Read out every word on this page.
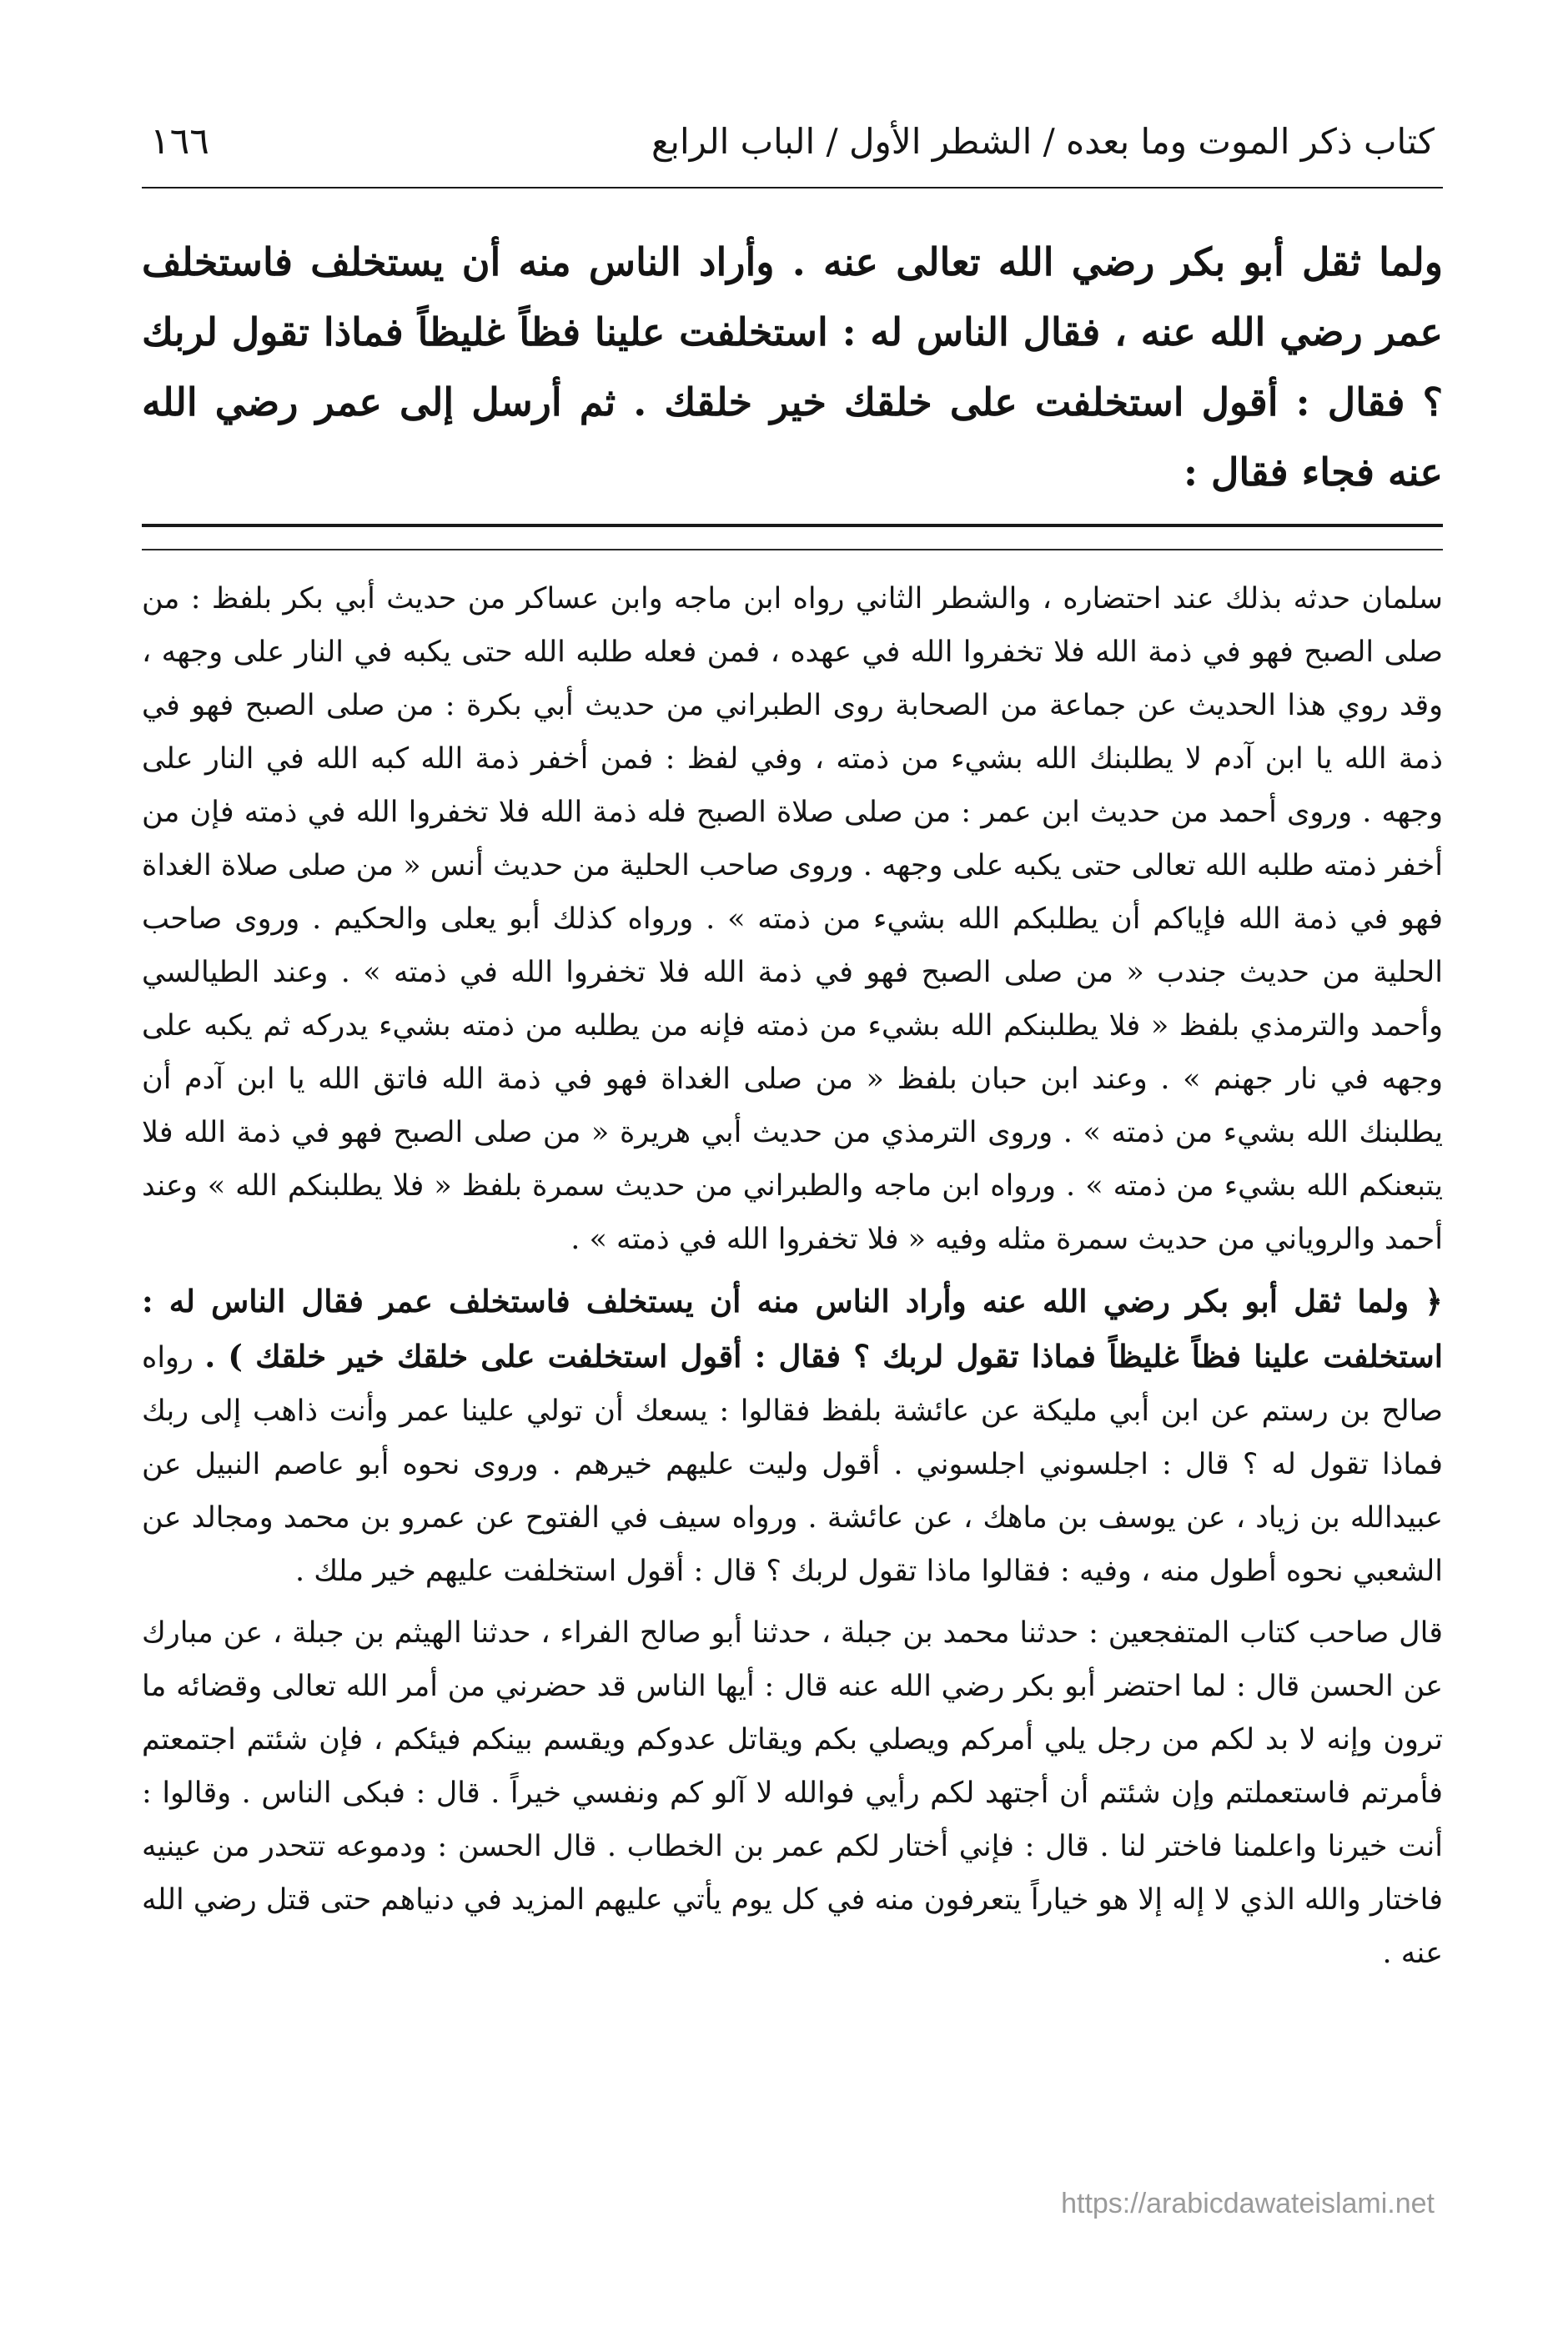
كتاب ذكر الموت وما بعده / الشطر الأول / الباب الرابع
١٦٦

ولما ثقل أبو بكر رضي الله تعالى عنه . وأراد الناس منه أن يستخلف فاستخلف عمر رضي الله عنه ، فقال الناس له : استخلفت علينا فظاً غليظاً فماذا تقول لربك ؟ فقال : أقول استخلفت على خلقك خير خلقك . ثم أرسل إلى عمر رضي الله عنه فجاء فقال :

سلمان حدثه بذلك عند احتضاره ، والشطر الثاني رواه ابن ماجه وابن عساكر من حديث أبي بكر بلفظ : من صلى الصبح فهو في ذمة الله فلا تخفروا الله في عهده ، فمن فعله طلبه الله حتى يكبه في النار على وجهه ، وقد روي هذا الحديث عن جماعة من الصحابة روى الطبراني من حديث أبي بكرة : من صلى الصبح فهو في ذمة الله يا ابن آدم لا يطلبنك الله بشيء من ذمته ، وفي لفظ : فمن أخفر ذمة الله كبه الله في النار على وجهه . وروى أحمد من حديث ابن عمر : من صلى صلاة الصبح فله ذمة الله فلا تخفروا الله في ذمته فإن من أخفر ذمته طلبه الله تعالى حتى يكبه على وجهه . وروى صاحب الحلية من حديث أنس « من صلى صلاة الغداة فهو في ذمة الله فإياكم أن يطلبكم الله بشيء من ذمته » . ورواه كذلك أبو يعلى والحكيم . وروى صاحب الحلية من حديث جندب « من صلى الصبح فهو في ذمة الله فلا تخفروا الله في ذمته » . وعند الطيالسي وأحمد والترمذي بلفظ « فلا يطلبنكم الله بشيء من ذمته فإنه من يطلبه من ذمته بشيء يدركه ثم يكبه على وجهه في نار جهنم » . وعند ابن حبان بلفظ « من صلى الغداة فهو في ذمة الله فاتق الله يا ابن آدم أن يطلبنك الله بشيء من ذمته » . وروى الترمذي من حديث أبي هريرة « من صلى الصبح فهو في ذمة الله فلا يتبعنكم الله بشيء من ذمته » . ورواه ابن ماجه والطبراني من حديث سمرة بلفظ « فلا يطلبنكم الله » وعند أحمد والروياني من حديث سمرة مثله وفيه « فلا تخفروا الله في ذمته » .

﴿ ولما ثقل أبو بكر رضي الله عنه وأراد الناس منه أن يستخلف فاستخلف عمر فقال الناس له : استخلفت علينا فظاً غليظاً فماذا تقول لربك ؟ فقال : أقول استخلفت على خلقك خير خلقك ) . رواه صالح بن رستم عن ابن أبي مليكة عن عائشة بلفظ فقالوا : يسعك أن تولي علينا عمر وأنت ذاهب إلى ربك فماذا تقول له ؟ قال : اجلسوني اجلسوني . أقول وليت عليهم خيرهم . وروى نحوه أبو عاصم النبيل عن عبيدالله بن زياد ، عن يوسف بن ماهك ، عن عائشة . ورواه سيف في الفتوح عن عمرو بن محمد ومجالد عن الشعبي نحوه أطول منه ، وفيه : فقالوا ماذا تقول لربك ؟ قال : أقول استخلفت عليهم خير ملك .

قال صاحب كتاب المتفجعين : حدثنا محمد بن جبلة ، حدثنا أبو صالح الفراء ، حدثنا الهيثم بن جبلة ، عن مبارك عن الحسن قال : لما احتضر أبو بكر رضي الله عنه قال : أيها الناس قد حضرني من أمر الله تعالى وقضائه ما ترون وإنه لا بد لكم من رجل يلي أمركم ويصلي بكم ويقاتل عدوكم ويقسم بينكم فيئكم ، فإن شئتم اجتمعتم فأمرتم فاستعملتم وإن شئتم أن أجتهد لكم رأيي فوالله لا آلو كم ونفسي خيراً . قال : فبكى الناس . وقالوا : أنت خيرنا واعلمنا فاختر لنا . قال : فإني أختار لكم عمر بن الخطاب . قال الحسن : ودموعه تتحدر من عينيه فاختار والله الذي لا إله إلا هو خياراً يتعرفون منه في كل يوم يأتي عليهم المزيد في دنياهم حتى قتل رضي الله عنه .

https://arabicdawateislami.net
